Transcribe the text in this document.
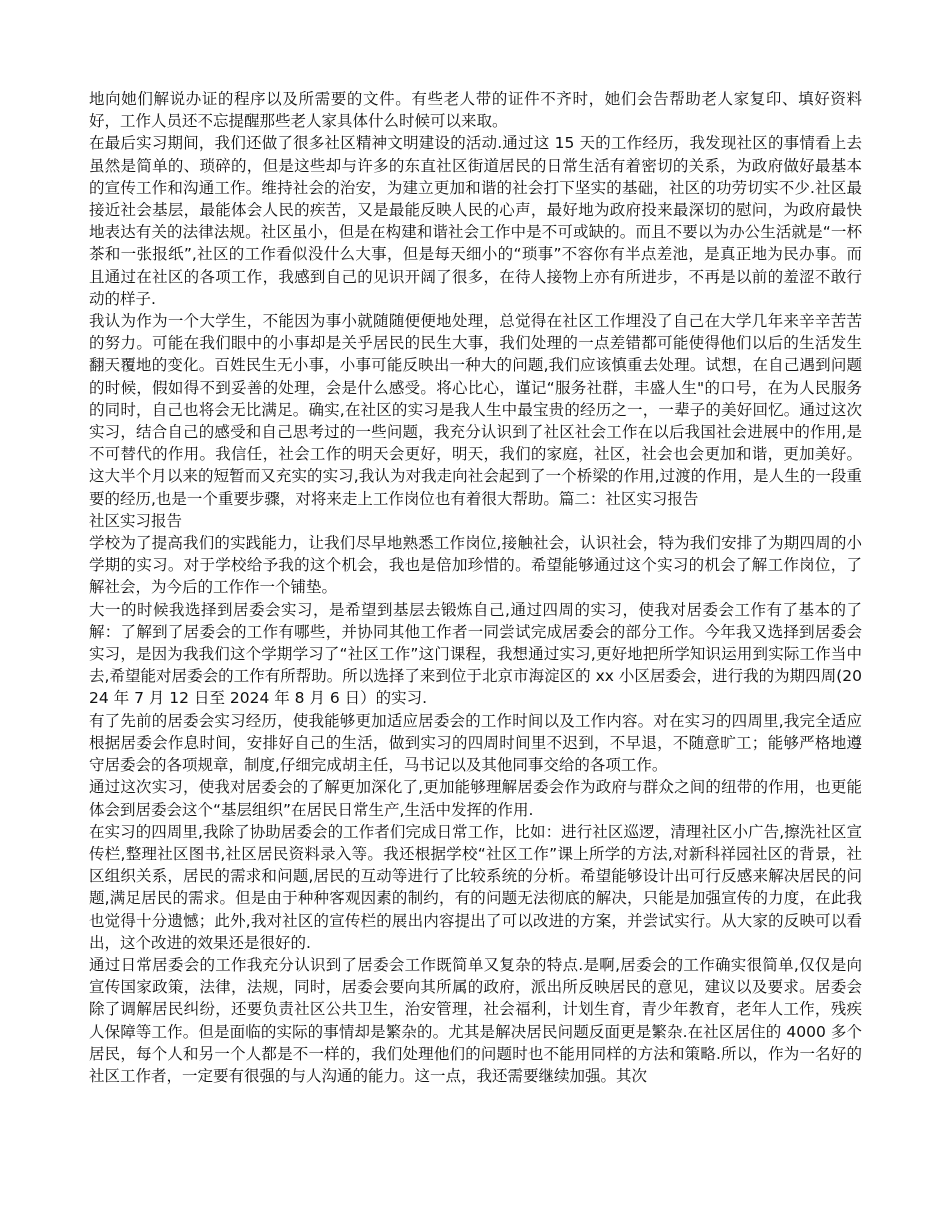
地向她们解说办证的程序以及所需要的文件。有些老人带的证件不齐时，她们会告帮助老人家复印、填好资料好，工作人员还不忘提醒那些老人家具体什么时候可以来取。

在最后实习期间，我们还做了很多社区精神文明建设的活动.通过这 15 天的工作经历，我发现社区的事情看上去虽然是简单的、琐碎的，但是这些却与许多的东直社区街道居民的日常生活有着密切的关系，为政府做好最基本的宣传工作和沟通工作。维持社会的治安，为建立更加和谐的社会打下坚实的基础，社区的功劳切实不少.社区最接近社会基层，最能体会人民的疾苦，又是最能反映人民的心声，最好地为政府投来最深切的慰问，为政府最快地表达有关的法律法规。社区虽小，但是在构建和谐社会工作中是不可或缺的。而且不要以为办公生活就是“一杯茶和一张报纸”,社区的工作看似没什么大事，但是每天细小的“琐事”不容你有半点差池，是真正地为民办事。而且通过在社区的各项工作，我感到自己的见识开阔了很多，在待人接物上亦有所进步，不再是以前的羞涩不敢行动的样子.

我认为作为一个大学生，不能因为事小就随随便便地处理，总觉得在社区工作埋没了自己在大学几年来辛辛苦苦的努力。可能在我们眼中的小事却是关乎居民的民生大事，我们处理的一点差错都可能使得他们以后的生活发生翻天覆地的变化。百姓民生无小事，小事可能反映出一种大的问题,我们应该慎重去处理。试想，在自己遇到问题的时候，假如得不到妥善的处理，会是什么感受。将心比心，谨记“服务社群，丰盛人生"的口号，在为人民服务的同时，自己也将会无比满足。确实,在社区的实习是我人生中最宝贵的经历之一，一辈子的美好回忆。通过这次实习，结合自己的感受和自己思考过的一些问题，我充分认识到了社区社会工作在以后我国社会进展中的作用,是不可替代的作用。我信任，社会工作的明天会更好，明天，我们的家庭，社区，社会也会更加和谐，更加美好。这大半个月以来的短暂而又充实的实习,我认为对我走向社会起到了一个桥梁的作用,过渡的作用，是人生的一段重要的经历,也是一个重要步骤，对将来走上工作岗位也有着很大帮助。篇二：社区实习报告

社区实习报告

学校为了提高我们的实践能力，让我们尽早地熟悉工作岗位,接触社会，认识社会，特为我们安排了为期四周的小学期的实习。对于学校给予我的这个机会，我也是倍加珍惜的。希望能够通过这个实习的机会了解工作岗位，了解社会，为今后的工作作一个铺垫。

大一的时候我选择到居委会实习，是希望到基层去锻炼自己,通过四周的实习，使我对居委会工作有了基本的了解：了解到了居委会的工作有哪些，并协同其他工作者一同尝试完成居委会的部分工作。今年我又选择到居委会实习，是因为我我们这个学期学习了“社区工作”这门课程，我想通过实习,更好地把所学知识运用到实际工作当中去,希望能对居委会的工作有所帮助。所以选择了来到位于北京市海淀区的 xx 小区居委会，进行我的为期四周(2024 年 7 月 12 日至 2024 年 8 月 6 日）的实习.

有了先前的居委会实习经历，使我能够更加适应居委会的工作时间以及工作内容。对在实习的四周里,我完全适应根据居委会作息时间，安排好自己的生活，做到实习的四周时间里不迟到，不早退，不随意旷工；能够严格地遵守居委会的各项规章，制度,仔细完成胡主任，马书记以及其他同事交给的各项工作。

通过这次实习，使我对居委会的了解更加深化了,更加能够理解居委会作为政府与群众之间的纽带的作用，也更能体会到居委会这个“基层组织”在居民日常生产,生活中发挥的作用.

在实习的四周里,我除了协助居委会的工作者们完成日常工作，比如：进行社区巡逻，清理社区小广告,擦洗社区宣传栏,整理社区图书,社区居民资料录入等。我还根据学校“社区工作”课上所学的方法,对新科祥园社区的背景，社区组织关系，居民的需求和问题,居民的互动等进行了比较系统的分析。希望能够设计出可行反感来解决居民的问题,满足居民的需求。但是由于种种客观因素的制约，有的问题无法彻底的解决，只能是加强宣传的力度，在此我也觉得十分遗憾；此外,我对社区的宣传栏的展出内容提出了可以改进的方案，并尝试实行。从大家的反映可以看出，这个改进的效果还是很好的.

通过日常居委会的工作我充分认识到了居委会工作既简单又复杂的特点.是啊,居委会的工作确实很简单,仅仅是向宣传国家政策，法律，法规，同时，居委会要向其所属的政府，派出所反映居民的意见，建议以及要求。居委会除了调解居民纠纷，还要负责社区公共卫生，治安管理，社会福利，计划生育，青少年教育，老年人工作，残疾人保障等工作。但是面临的实际的事情却是繁杂的。尤其是解决居民问题反面更是繁杂.在社区居住的 4000 多个居民，每个人和另一个人都是不一样的，我们处理他们的问题时也不能用同样的方法和策略.所以，作为一名好的社区工作者，一定要有很强的与人沟通的能力。这一点，我还需要继续加强。其次
